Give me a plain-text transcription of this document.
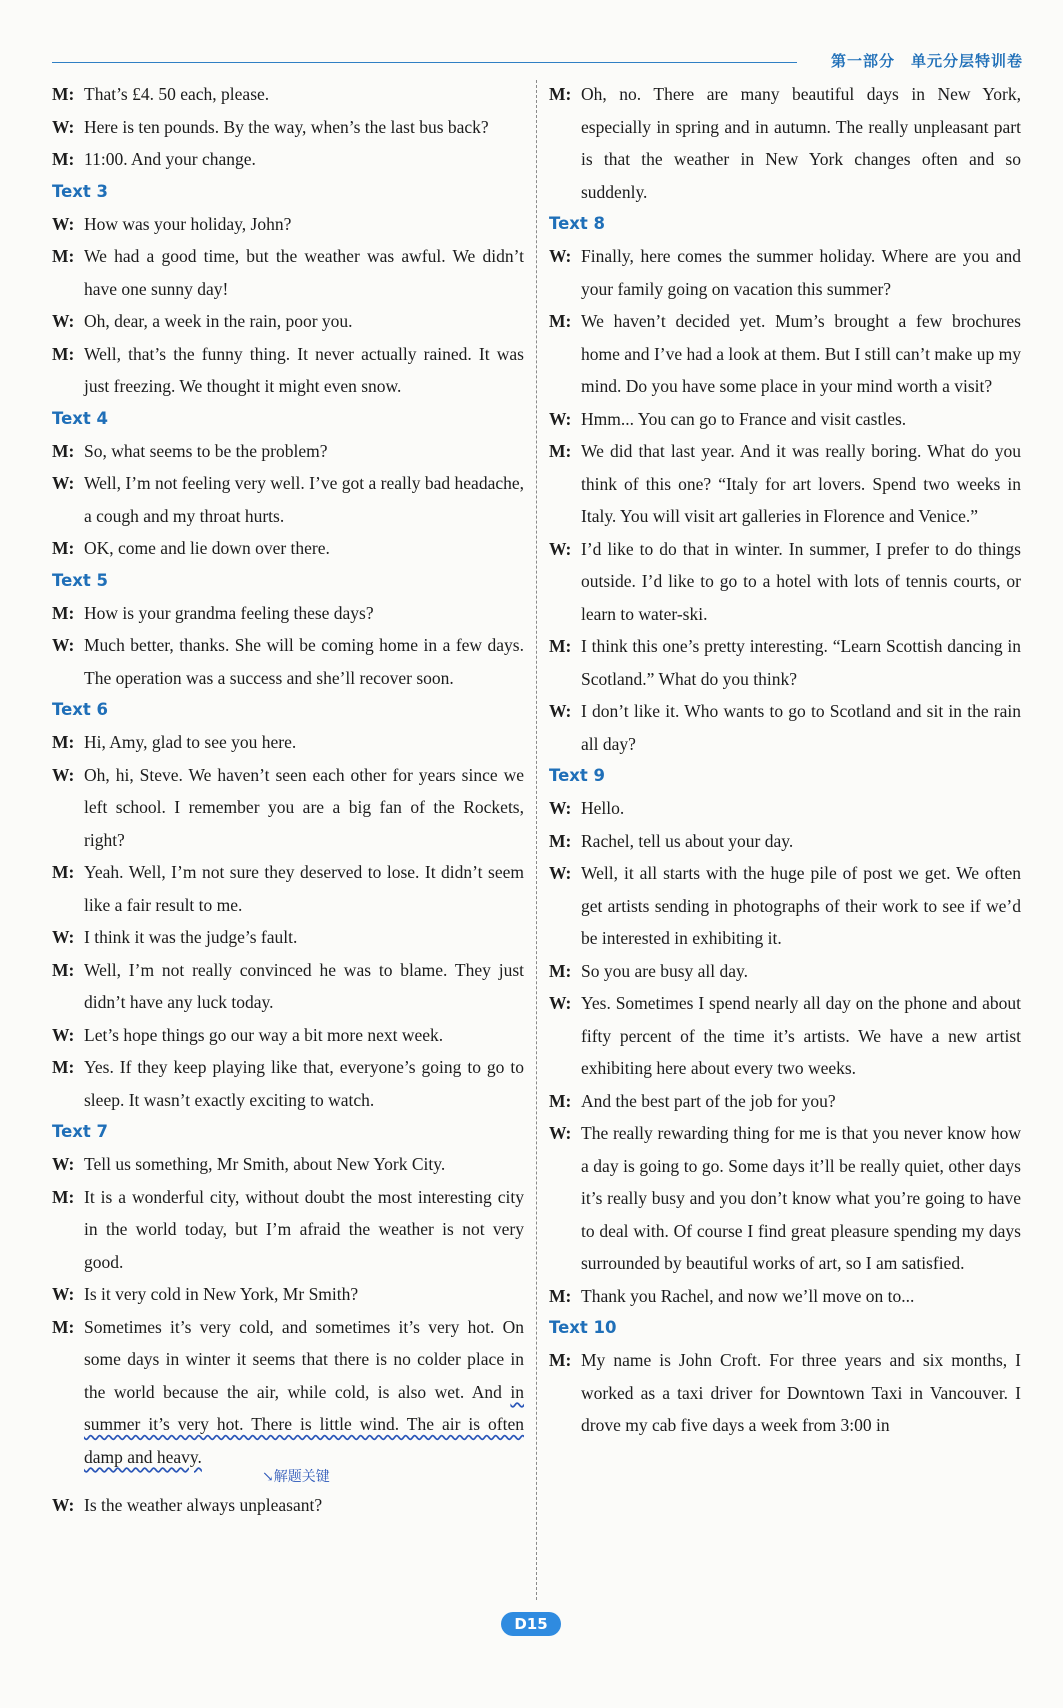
第一部分　单元分层特训卷
M: That’s £4. 50 each, please.
W: Here is ten pounds. By the way, when’s the last bus back?
M: 11:00. And your change.
Text 3
W: How was your holiday, John?
M: We had a good time, but the weather was awful. We didn’t have one sunny day!
W: Oh, dear, a week in the rain, poor you.
M: Well, that’s the funny thing. It never actually rained. It was just freezing. We thought it might even snow.
Text 4
M: So, what seems to be the problem?
W: Well, I’m not feeling very well. I’ve got a really bad headache, a cough and my throat hurts.
M: OK, come and lie down over there.
Text 5
M: How is your grandma feeling these days?
W: Much better, thanks. She will be coming home in a few days. The operation was a success and she’ll recover soon.
Text 6
M: Hi, Amy, glad to see you here.
W: Oh, hi, Steve. We haven’t seen each other for years since we left school. I remember you are a big fan of the Rockets, right?
M: Yeah. Well, I’m not sure they deserved to lose. It didn’t seem like a fair result to me.
W: I think it was the judge’s fault.
M: Well, I’m not really convinced he was to blame. They just didn’t have any luck today.
W: Let’s hope things go our way a bit more next week.
M: Yes. If they keep playing like that, everyone’s going to go to sleep. It wasn’t exactly exciting to watch.
Text 7
W: Tell us something, Mr Smith, about New York City.
M: It is a wonderful city, without doubt the most interesting city in the world today, but I’m afraid the weather is not very good.
W: Is it very cold in New York, Mr Smith?
M: Sometimes it’s very cold, and sometimes it’s very hot. On some days in winter it seems that there is no colder place in the world because the air, while cold, is also wet. And in summer it’s very hot. There is little wind. The air is often damp and heavy.
↘解题关键
W: Is the weather always unpleasant?
M: Oh, no. There are many beautiful days in New York, especially in spring and in autumn. The really unpleasant part is that the weather in New York changes often and so suddenly.
Text 8
W: Finally, here comes the summer holiday. Where are you and your family going on vacation this summer?
M: We haven’t decided yet. Mum’s brought a few brochures home and I’ve had a look at them. But I still can’t make up my mind. Do you have some place in your mind worth a visit?
W: Hmm... You can go to France and visit castles.
M: We did that last year. And it was really boring. What do you think of this one? “Italy for art lovers. Spend two weeks in Italy. You will visit art galleries in Florence and Venice.”
W: I’d like to do that in winter. In summer, I prefer to do things outside. I’d like to go to a hotel with lots of tennis courts, or learn to water-ski.
M: I think this one’s pretty interesting. “Learn Scottish dancing in Scotland.” What do you think?
W: I don’t like it. Who wants to go to Scotland and sit in the rain all day?
Text 9
W: Hello.
M: Rachel, tell us about your day.
W: Well, it all starts with the huge pile of post we get. We often get artists sending in photographs of their work to see if we’d be interested in exhibiting it.
M: So you are busy all day.
W: Yes. Sometimes I spend nearly all day on the phone and about fifty percent of the time it’s artists. We have a new artist exhibiting here about every two weeks.
M: And the best part of the job for you?
W: The really rewarding thing for me is that you never know how a day is going to go. Some days it’ll be really quiet, other days it’s really busy and you don’t know what you’re going to have to deal with. Of course I find great pleasure spending my days surrounded by beautiful works of art, so I am satisfied.
M: Thank you Rachel, and now we’ll move on to...
Text 10
M: My name is John Croft. For three years and six months, I worked as a taxi driver for Downtown Taxi in Vancouver. I drove my cab five days a week from 3:00 in
D15
